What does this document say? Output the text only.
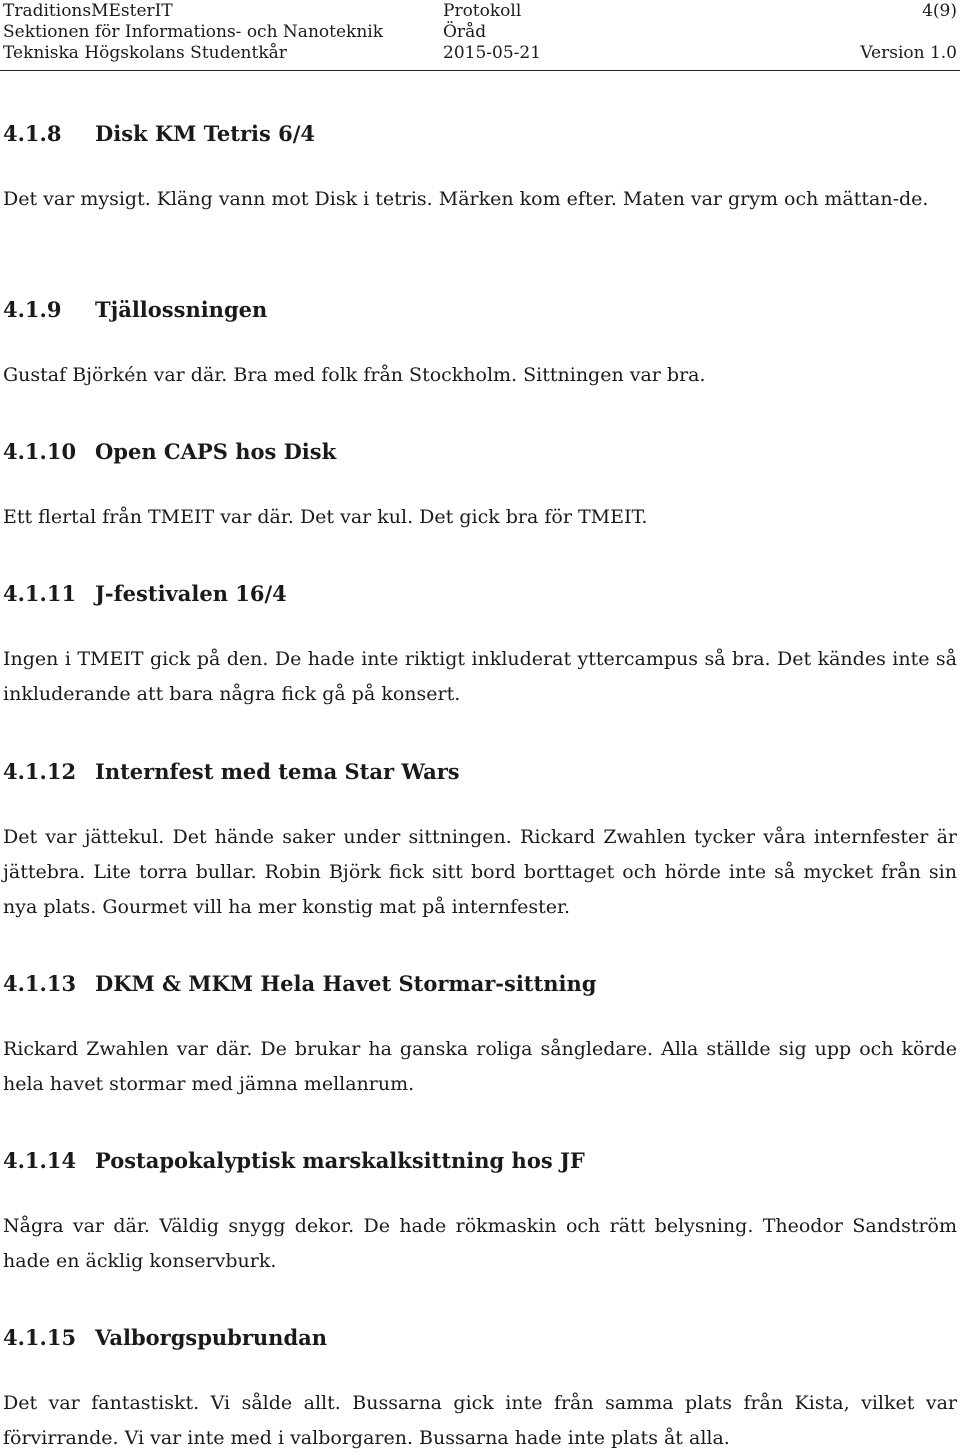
TraditionsMEsterIT	Protokoll	4(9)
Sektionen för Informations- och Nanoteknik	Öråd
Tekniska Högskolans Studentkår	2015-05-21	Version 1.0
4.1.8 Disk KM Tetris 6/4
Det var mysigt. Kläng vann mot Disk i tetris. Märken kom efter. Maten var grym och mättan-de.
4.1.9 Tjällossningen
Gustaf Björkén var där. Bra med folk från Stockholm. Sittningen var bra.
4.1.10 Open CAPS hos Disk
Ett flertal från TMEIT var där. Det var kul. Det gick bra för TMEIT.
4.1.11 J-festivalen 16/4
Ingen i TMEIT gick på den. De hade inte riktigt inkluderat yttercampus så bra. Det kändes inte så inkluderande att bara några fick gå på konsert.
4.1.12 Internfest med tema Star Wars
Det var jättekul. Det hände saker under sittningen. Rickard Zwahlen tycker våra internfester är jättebra. Lite torra bullar. Robin Björk fick sitt bord borttaget och hörde inte så mycket från sin nya plats. Gourmet vill ha mer konstig mat på internfester.
4.1.13 DKM & MKM Hela Havet Stormar-sittning
Rickard Zwahlen var där. De brukar ha ganska roliga sångledare. Alla ställde sig upp och körde hela havet stormar med jämna mellanrum.
4.1.14 Postapokalyptisk marskalksittning hos JF
Några var där. Väldig snygg dekor. De hade rökmaskin och rätt belysning. Theodor Sandström hade en äcklig konservburk.
4.1.15 Valborgspubrundan
Det var fantastiskt. Vi sålde allt. Bussarna gick inte från samma plats från Kista, vilket var förvirrande. Vi var inte med i valborgaren. Bussarna hade inte plats åt alla.
